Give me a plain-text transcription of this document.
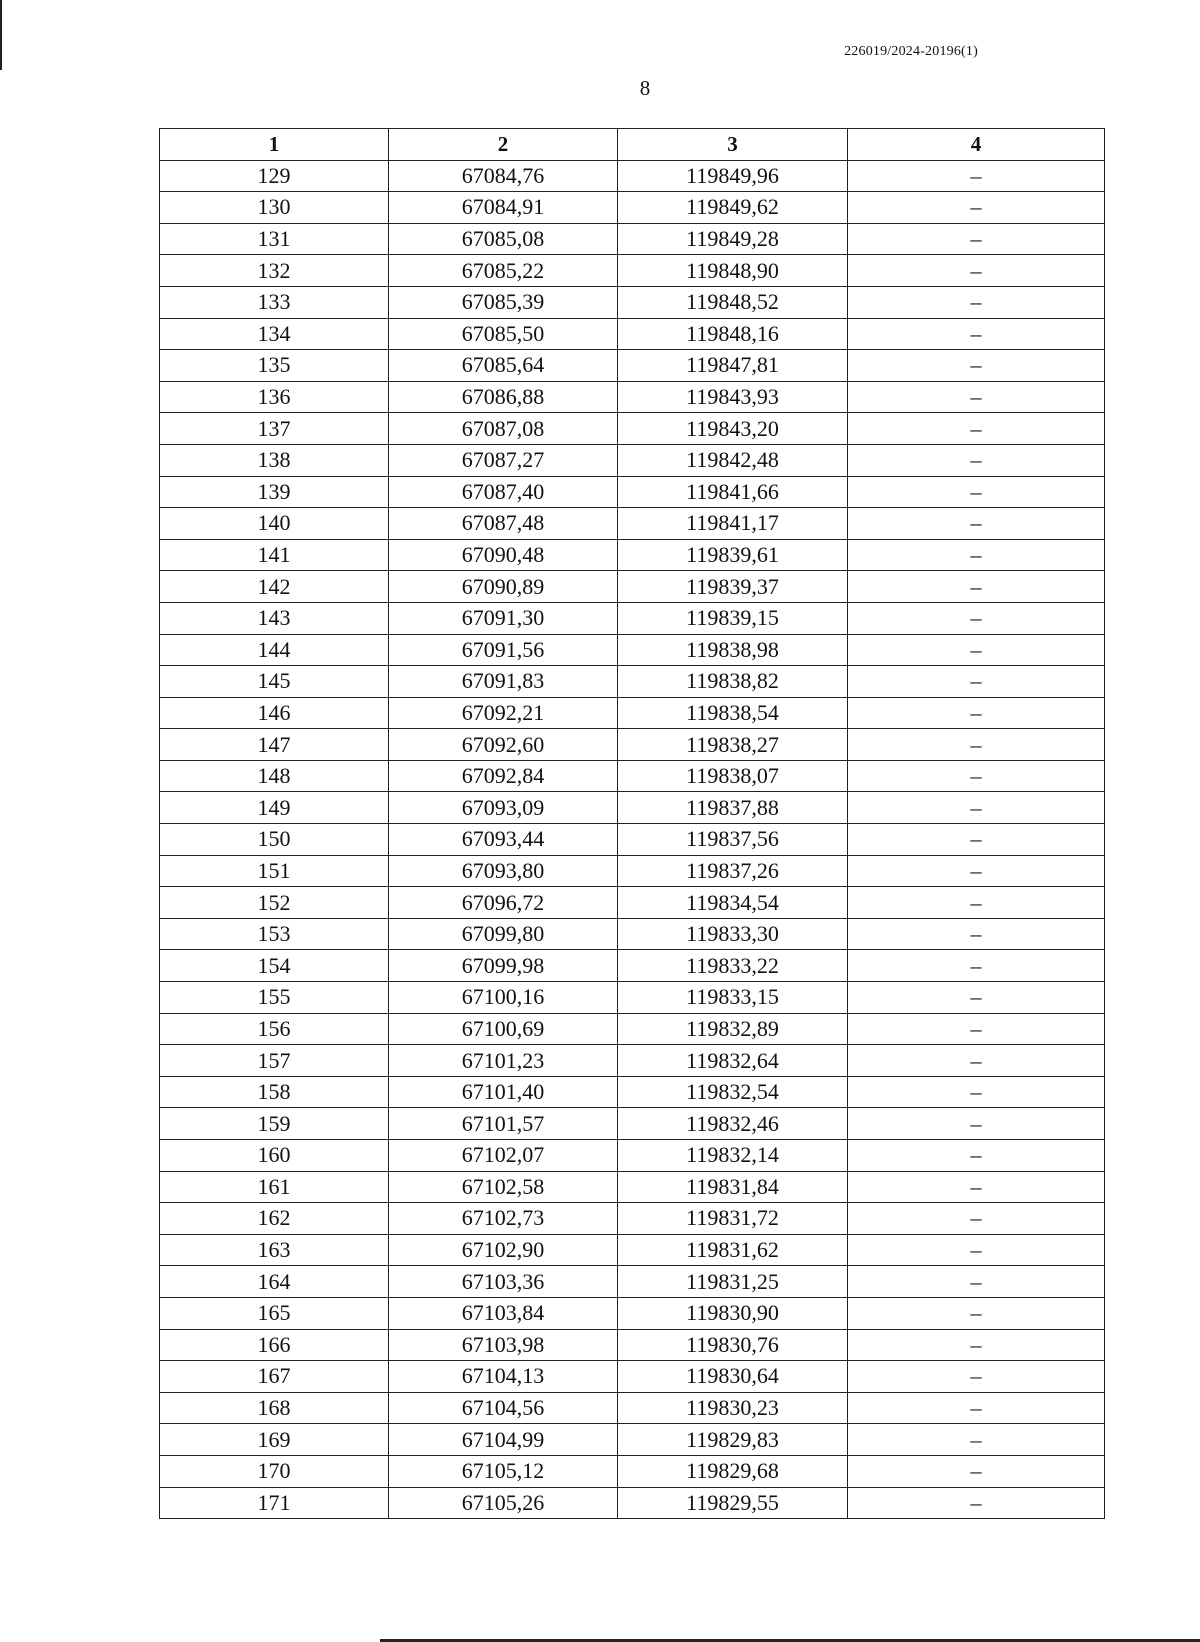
226019/2024-20196(1)
8
1	2	3	4
129	67084,76	119849,96	–
130	67084,91	119849,62	–
131	67085,08	119849,28	–
132	67085,22	119848,90	–
133	67085,39	119848,52	–
134	67085,50	119848,16	–
135	67085,64	119847,81	–
136	67086,88	119843,93	–
137	67087,08	119843,20	–
138	67087,27	119842,48	–
139	67087,40	119841,66	–
140	67087,48	119841,17	–
141	67090,48	119839,61	–
142	67090,89	119839,37	–
143	67091,30	119839,15	–
144	67091,56	119838,98	–
145	67091,83	119838,82	–
146	67092,21	119838,54	–
147	67092,60	119838,27	–
148	67092,84	119838,07	–
149	67093,09	119837,88	–
150	67093,44	119837,56	–
151	67093,80	119837,26	–
152	67096,72	119834,54	–
153	67099,80	119833,30	–
154	67099,98	119833,22	–
155	67100,16	119833,15	–
156	67100,69	119832,89	–
157	67101,23	119832,64	–
158	67101,40	119832,54	–
159	67101,57	119832,46	–
160	67102,07	119832,14	–
161	67102,58	119831,84	–
162	67102,73	119831,72	–
163	67102,90	119831,62	–
164	67103,36	119831,25	–
165	67103,84	119830,90	–
166	67103,98	119830,76	–
167	67104,13	119830,64	–
168	67104,56	119830,23	–
169	67104,99	119829,83	–
170	67105,12	119829,68	–
171	67105,26	119829,55	–
